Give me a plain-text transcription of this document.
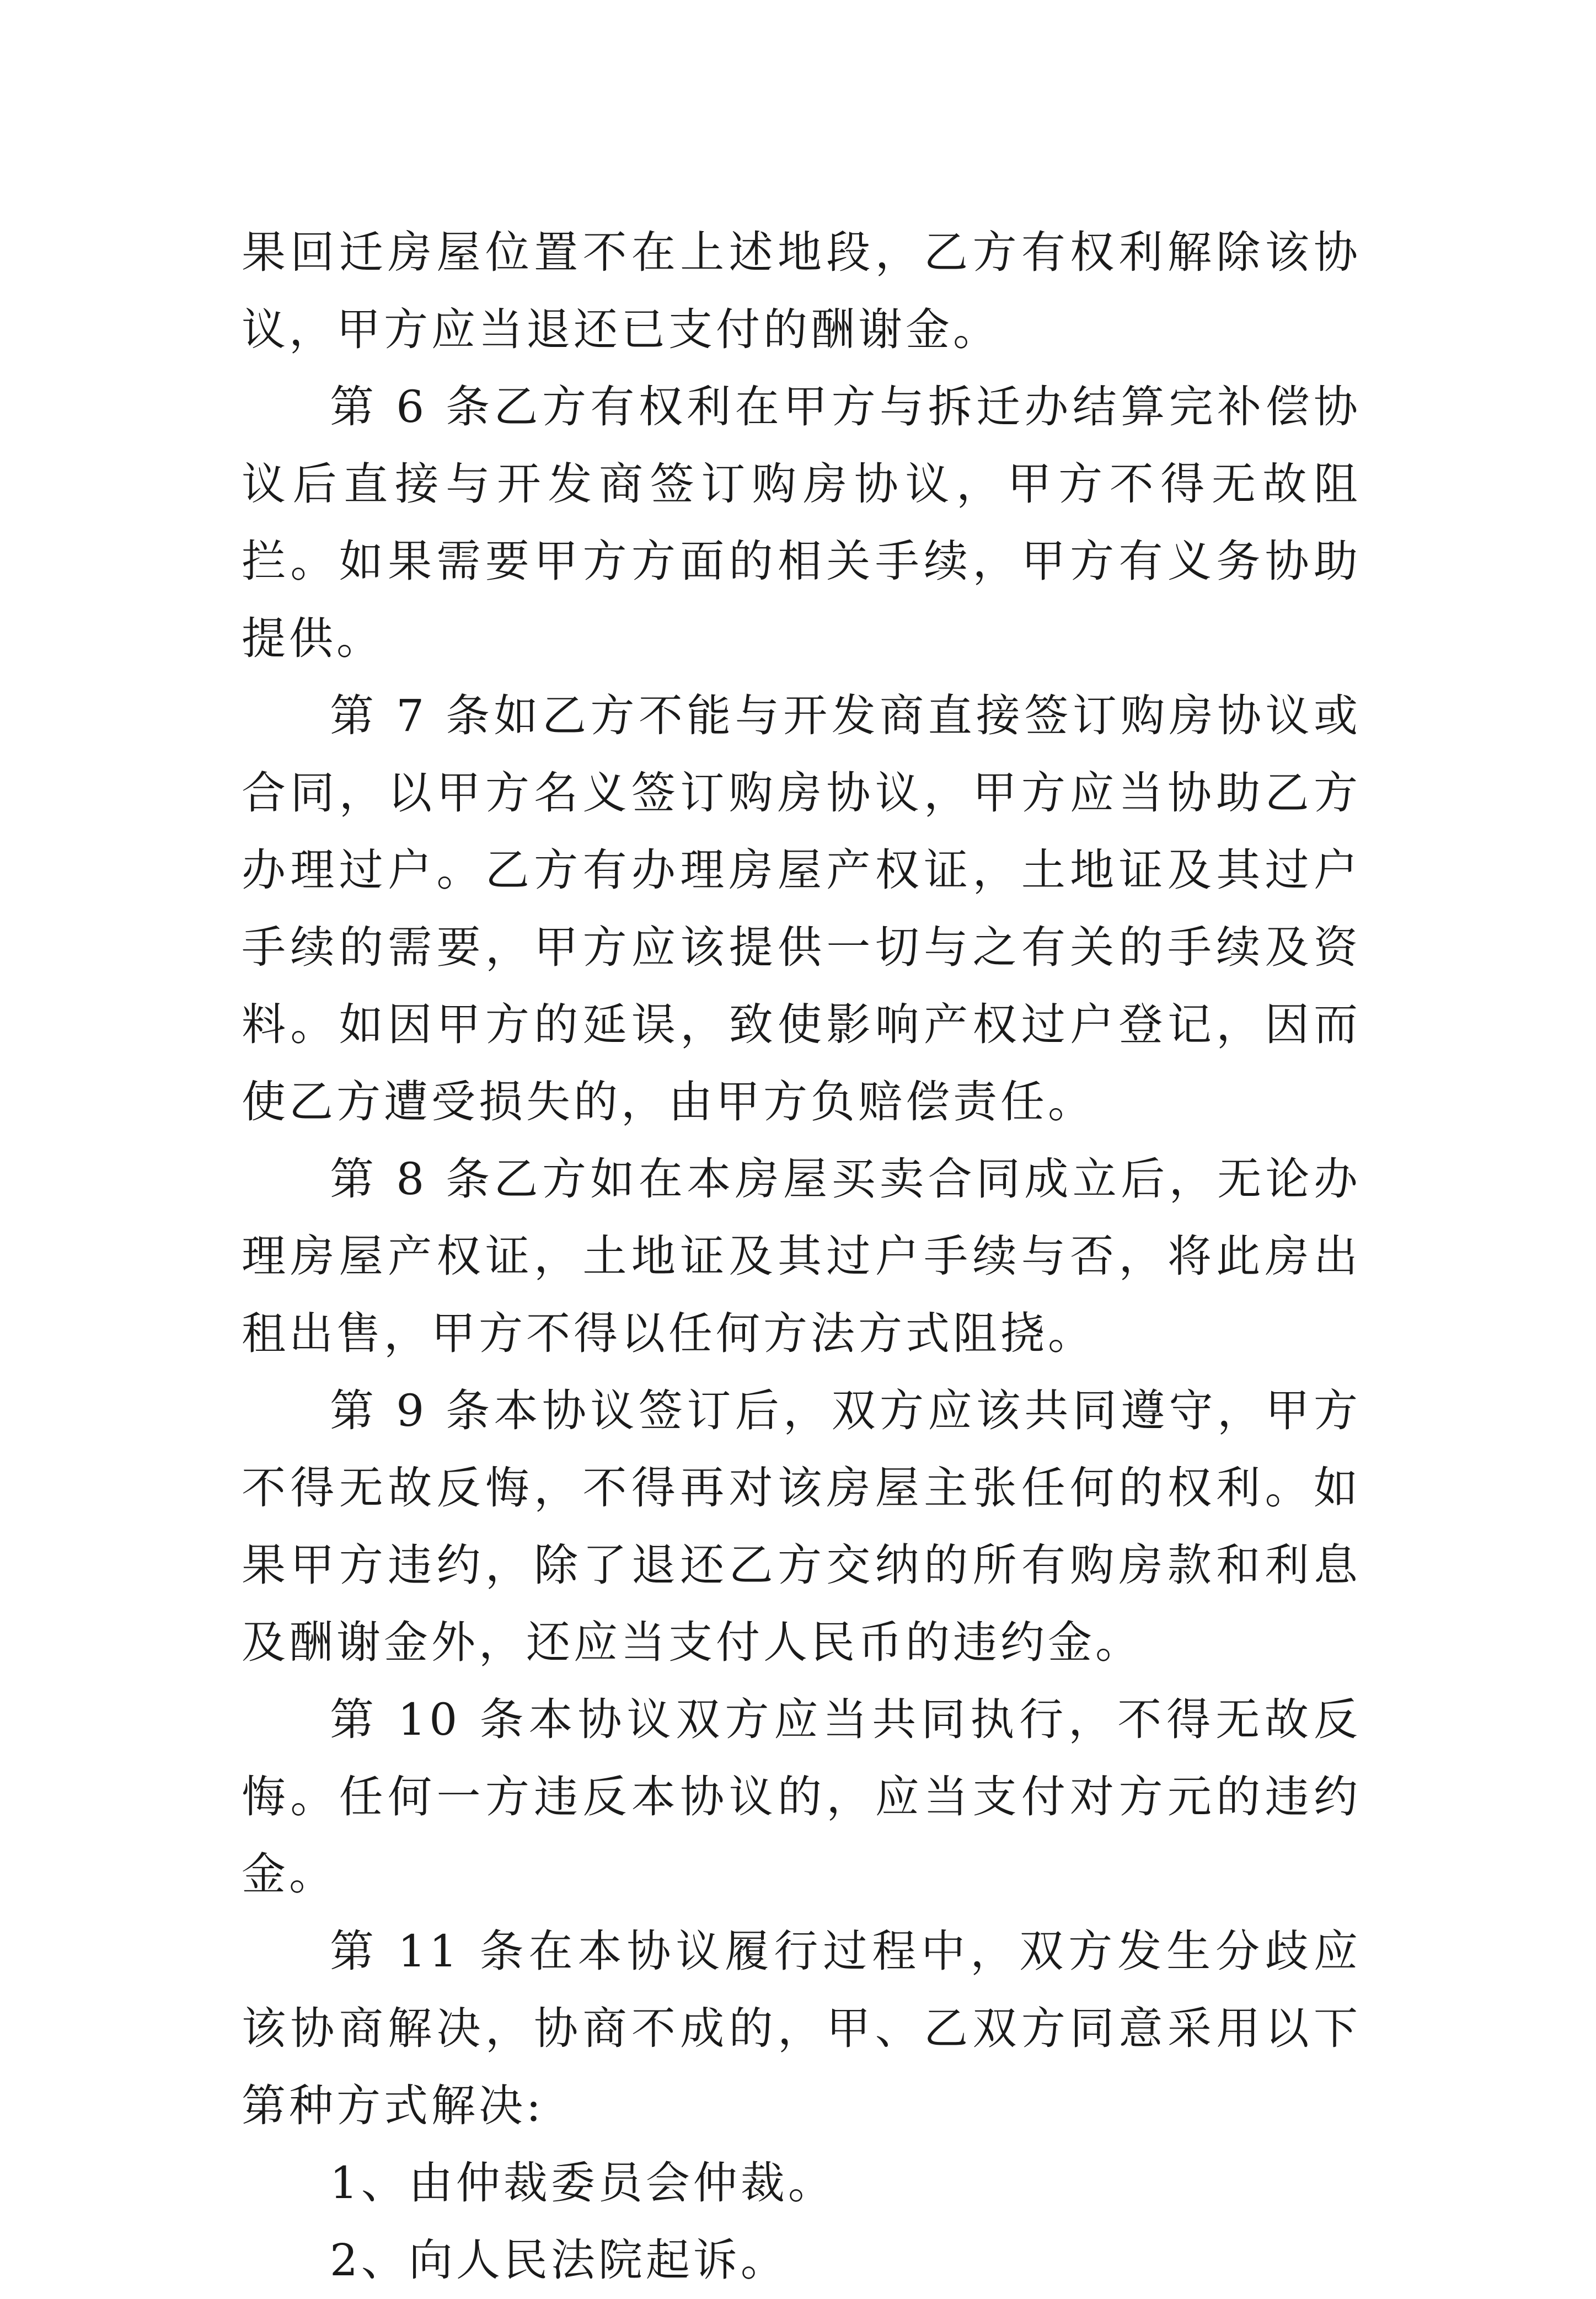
果回迁房屋位置不在上述地段，乙方有权利解除该协议，甲方应当退还已支付的酬谢金。

第 6 条乙方有权利在甲方与拆迁办结算完补偿协议后直接与开发商签订购房协议，甲方不得无故阻拦。如果需要甲方方面的相关手续，甲方有义务协助提供。

第 7 条如乙方不能与开发商直接签订购房协议或合同，以甲方名义签订购房协议，甲方应当协助乙方办理过户。乙方有办理房屋产权证，土地证及其过户手续的需要，甲方应该提供一切与之有关的手续及资料。如因甲方的延误，致使影响产权过户登记，因而使乙方遭受损失的，由甲方负赔偿责任。

第 8 条乙方如在本房屋买卖合同成立后，无论办理房屋产权证，土地证及其过户手续与否，将此房出租出售，甲方不得以任何方法方式阻挠。

第 9 条本协议签订后，双方应该共同遵守，甲方不得无故反悔，不得再对该房屋主张任何的权利。如果甲方违约，除了退还乙方交纳的所有购房款和利息及酬谢金外，还应当支付人民币的违约金。

第 10 条本协议双方应当共同执行，不得无故反悔。任何一方违反本协议的，应当支付对方元的违约金。

第 11 条在本协议履行过程中，双方发生分歧应该协商解决，协商不成的，甲、乙双方同意采用以下第种方式解决:

1、由仲裁委员会仲裁。

2、向人民法院起诉。
